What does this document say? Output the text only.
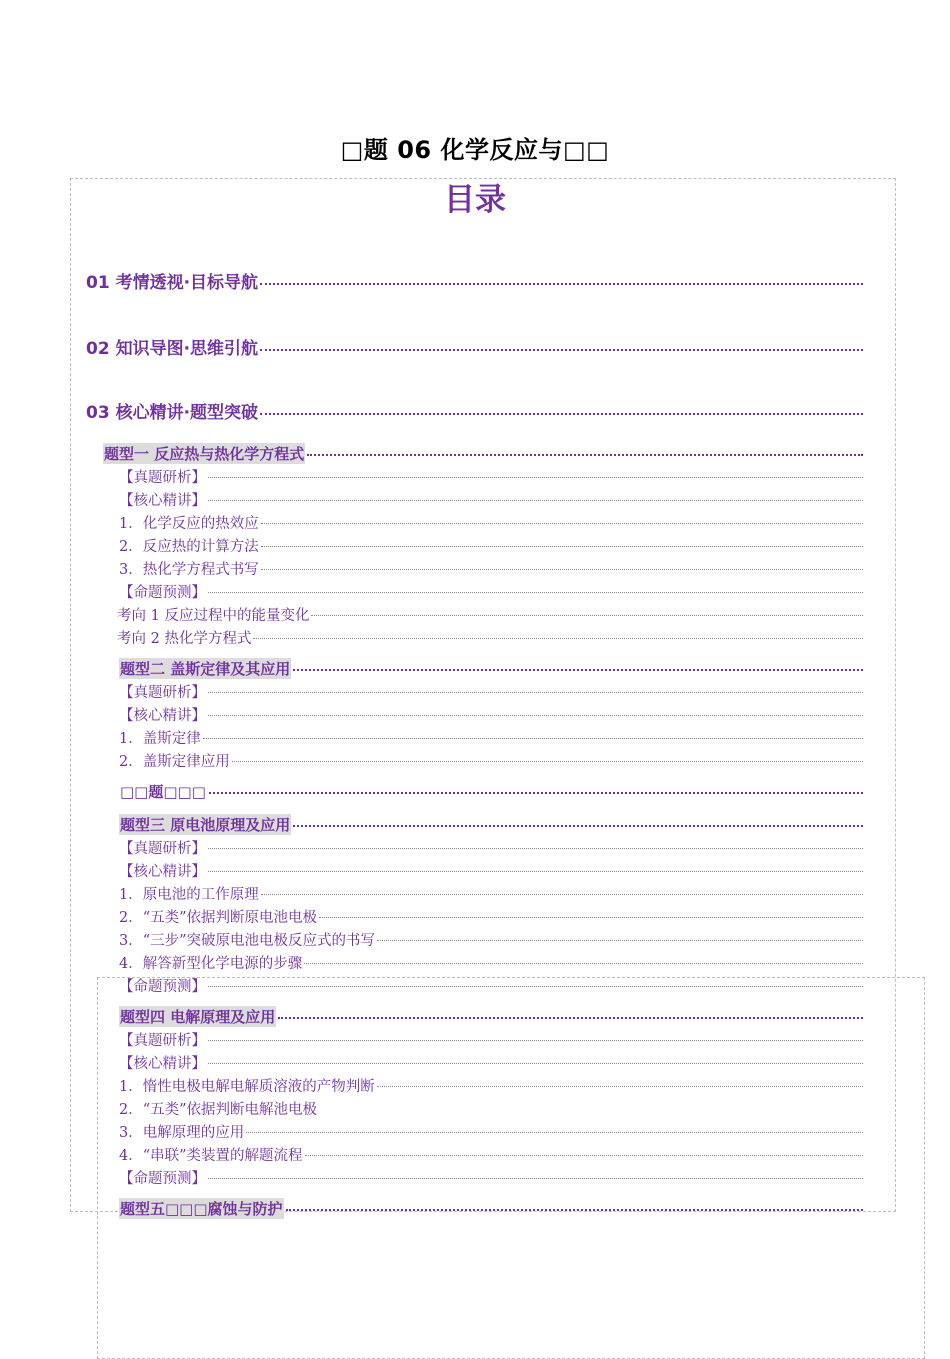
□题 06 化学反应与□□
目录
01 考情透视·目标导航
02 知识导图·思维引航
03 核心精讲·题型突破
题型一 反应热与热化学方程式
【真题研析】
【核心精讲】
1．化学反应的热效应
2．反应热的计算方法
3．热化学方程式书写
【命题预测】
考向 1 反应过程中的能量变化
考向 2 热化学方程式
题型二 盖斯定律及其应用
【真题研析】
【核心精讲】
1．盖斯定律
2．盖斯定律应用
□□题□□□
题型三 原电池原理及应用
【真题研析】
【核心精讲】
1．原电池的工作原理
2．“五类”依据判断原电池电极
3．“三步”突破原电池电极反应式的书写
4．解答新型化学电源的步骤
【命题预测】
题型四 电解原理及应用
【真题研析】
【核心精讲】
1．惰性电极电解电解质溶液的产物判断
2．“五类”依据判断电解池电极
3．电解原理的应用
4．“串联”类装置的解题流程
【命题预测】
题型五□□□腐蚀与防护
